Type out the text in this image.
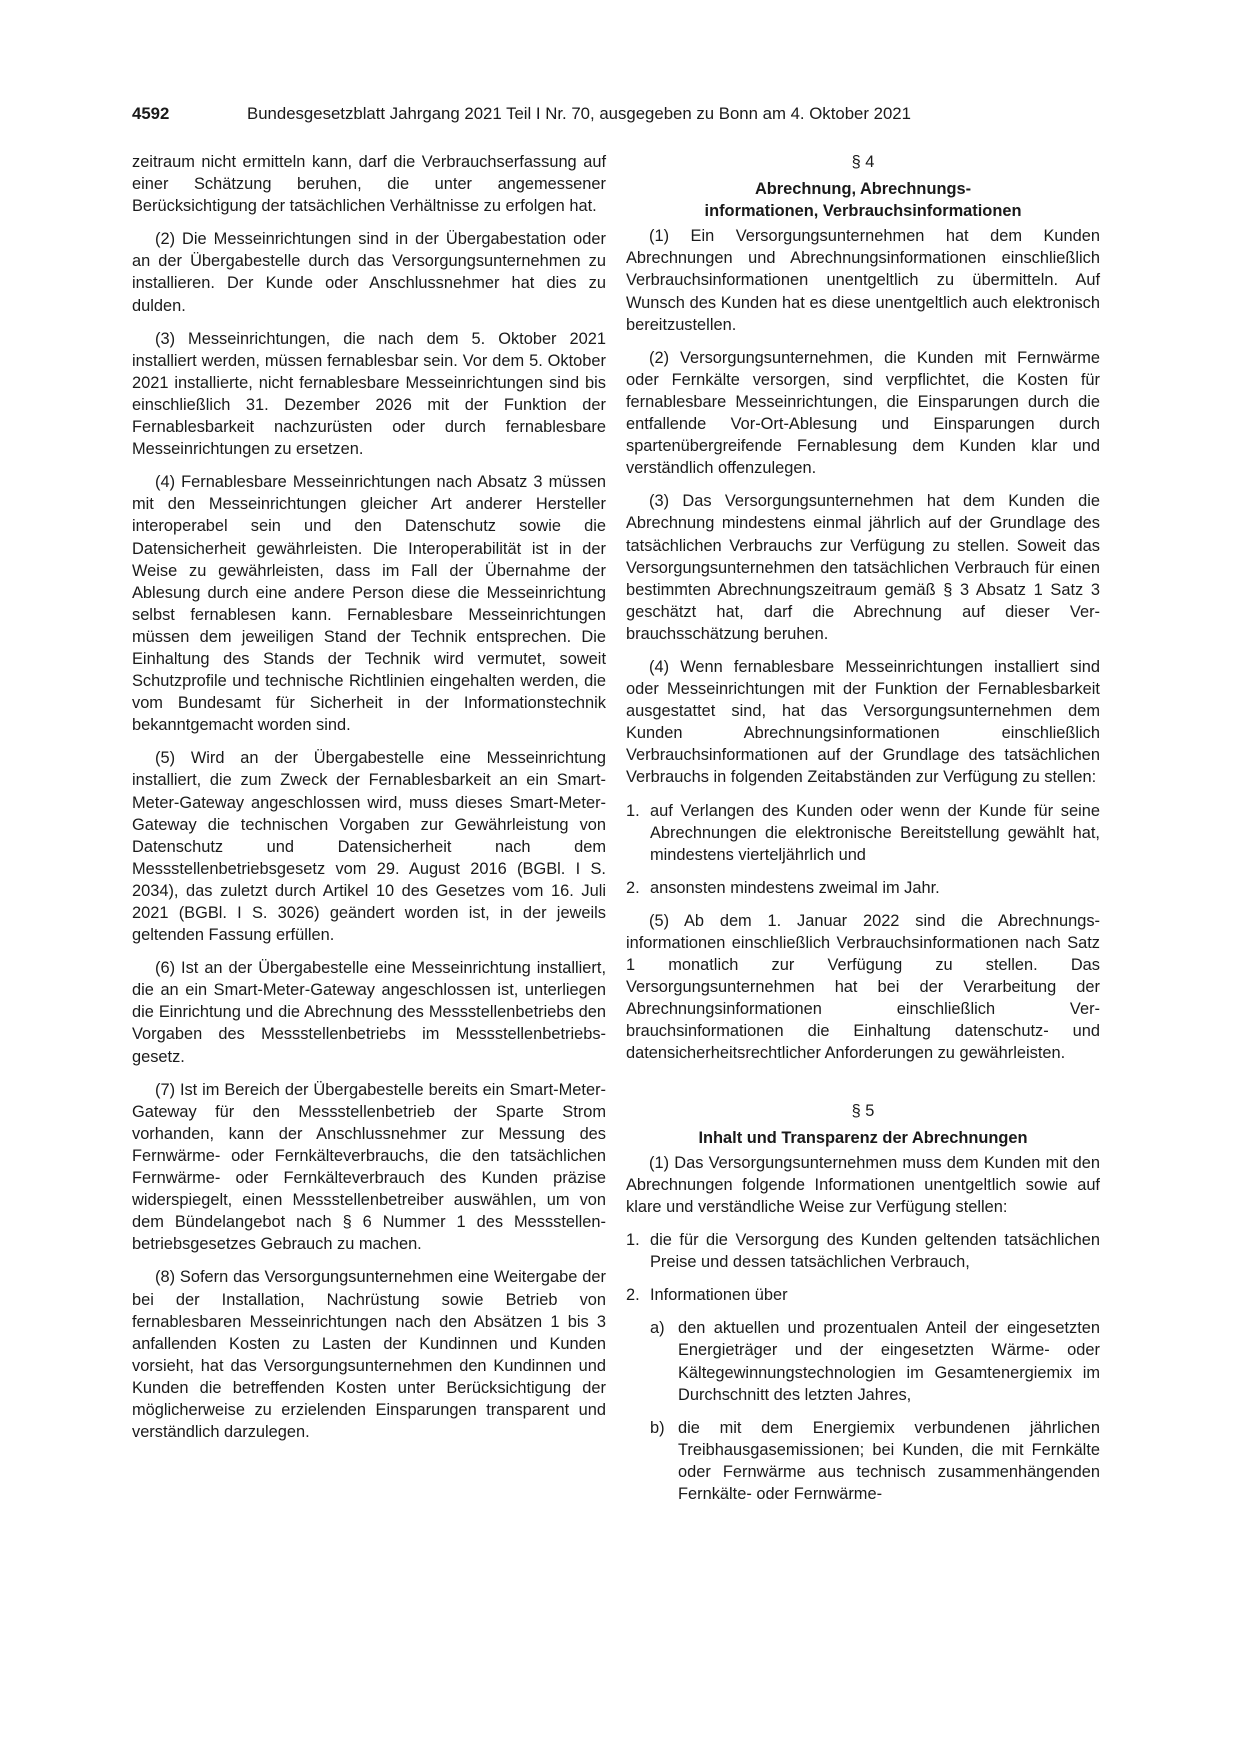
4592	Bundesgesetzblatt Jahrgang 2021 Teil I Nr. 70, ausgegeben zu Bonn am 4. Oktober 2021

zeitraum nicht ermitteln kann, darf die Verbrauchserfassung auf einer Schätzung beruhen, die unter angemessener Berücksichtigung der tatsächlichen Verhältnisse zu erfolgen hat.

(2) Die Messeinrichtungen sind in der Übergabestation oder an der Übergabestelle durch das Versorgungsunternehmen zu installieren. Der Kunde oder Anschlussnehmer hat dies zu dulden.

(3) Messeinrichtungen, die nach dem 5. Oktober 2021 installiert werden, müssen fernablesbar sein. Vor dem 5. Oktober 2021 installierte, nicht fernablesbare Messeinrichtungen sind bis einschließlich 31. Dezember 2026 mit der Funktion der Fernablesbarkeit nachzurüsten oder durch fernablesbare Messeinrichtungen zu ersetzen.

(4) Fernablesbare Messeinrichtungen nach Absatz 3 müssen mit den Messeinrichtungen gleicher Art anderer Hersteller interoperabel sein und den Datenschutz sowie die Datensicherheit gewährleisten. Die Interoperabilität ist in der Weise zu gewährleisten, dass im Fall der Übernahme der Ablesung durch eine andere Person diese die Messeinrichtung selbst fernablesen kann. Fernablesbare Messeinrichtungen müssen dem jeweiligen Stand der Technik entsprechen. Die Einhaltung des Stands der Technik wird vermutet, soweit Schutzprofile und technische Richtlinien eingehalten werden, die vom Bundesamt für Sicherheit in der Informationstechnik bekanntgemacht worden sind.

(5) Wird an der Übergabestelle eine Messeinrichtung installiert, die zum Zweck der Fernablesbarkeit an ein Smart-Meter-Gateway angeschlossen wird, muss dieses Smart-Meter-Gateway die technischen Vorgaben zur Gewährleistung von Datenschutz und Datensicherheit nach dem Messstellenbetriebsgesetz vom 29. August 2016 (BGBl. I S. 2034), das zuletzt durch Artikel 10 des Gesetzes vom 16. Juli 2021 (BGBl. I S. 3026) geändert worden ist, in der jeweils geltenden Fassung erfüllen.

(6) Ist an der Übergabestelle eine Messeinrichtung installiert, die an ein Smart-Meter-Gateway angeschlossen ist, unterliegen die Einrichtung und die Abrechnung des Messstellenbetriebs den Vorgaben des Messstellenbetriebs im Messstellenbetriebsgesetz.

(7) Ist im Bereich der Übergabestelle bereits ein Smart-Meter-Gateway für den Messstellenbetrieb der Sparte Strom vorhanden, kann der Anschlussnehmer zur Messung des Fernwärme- oder Fernkälteverbrauchs, die den tatsächlichen Fernwärme- oder Fernkälteverbrauch des Kunden präzise widerspiegelt, einen Messstellenbetreiber auswählen, um von dem Bündelangebot nach § 6 Nummer 1 des Messstellenbetriebsgesetzes Gebrauch zu machen.

(8) Sofern das Versorgungsunternehmen eine Weitergabe der bei der Installation, Nachrüstung sowie Betrieb von fernablesbaren Messeinrichtungen nach den Absätzen 1 bis 3 anfallenden Kosten zu Lasten der Kundinnen und Kunden vorsieht, hat das Versorgungsunternehmen den Kundinnen und Kunden die betreffenden Kosten unter Berücksichtigung der möglicherweise zu erzielenden Einsparungen transparent und verständlich darzulegen.

§ 4
Abrechnung, Abrechnungs-
informationen, Verbrauchsinformationen

(1) Ein Versorgungsunternehmen hat dem Kunden Abrechnungen und Abrechnungsinformationen einschließlich Verbrauchsinformationen unentgeltlich zu übermitteln. Auf Wunsch des Kunden hat es diese unentgeltlich auch elektronisch bereitzustellen.

(2) Versorgungsunternehmen, die Kunden mit Fernwärme oder Fernkälte versorgen, sind verpflichtet, die Kosten für fernablesbare Messeinrichtungen, die Einsparungen durch die entfallende Vor-Ort-Ablesung und Einsparungen durch spartenübergreifende Fernablesung dem Kunden klar und verständlich offenzulegen.

(3) Das Versorgungsunternehmen hat dem Kunden die Abrechnung mindestens einmal jährlich auf der Grundlage des tatsächlichen Verbrauchs zur Verfügung zu stellen. Soweit das Versorgungsunternehmen den tatsächlichen Verbrauch für einen bestimmten Abrechnungszeitraum gemäß § 3 Absatz 1 Satz 3 geschätzt hat, darf die Abrechnung auf dieser Verbrauchsschätzung beruhen.

(4) Wenn fernablesbare Messeinrichtungen installiert sind oder Messeinrichtungen mit der Funktion der Fernablesbarkeit ausgestattet sind, hat das Versorgungsunternehmen dem Kunden Abrechnungsinformationen einschließlich Verbrauchsinformationen auf der Grundlage des tatsächlichen Verbrauchs in folgenden Zeitabständen zur Verfügung zu stellen:

1. auf Verlangen des Kunden oder wenn der Kunde für seine Abrechnungen die elektronische Bereitstellung gewählt hat, mindestens vierteljährlich und
2. ansonsten mindestens zweimal im Jahr.

(5) Ab dem 1. Januar 2022 sind die Abrechnungsinformationen einschließlich Verbrauchsinformationen nach Satz 1 monatlich zur Verfügung zu stellen. Das Versorgungsunternehmen hat bei der Verarbeitung der Abrechnungsinformationen einschließlich Verbrauchsinformationen die Einhaltung datenschutz- und datensicherheitsrechtlicher Anforderungen zu gewährleisten.

§ 5
Inhalt und Transparenz der Abrechnungen

(1) Das Versorgungsunternehmen muss dem Kunden mit den Abrechnungen folgende Informationen unentgeltlich sowie auf klare und verständliche Weise zur Verfügung stellen:

1. die für die Versorgung des Kunden geltenden tatsächlichen Preise und dessen tatsächlichen Verbrauch,
2. Informationen über
a) den aktuellen und prozentualen Anteil der eingesetzten Energieträger und der eingesetzten Wärme- oder Kältegewinnungstechnologien im Gesamtenergiemix im Durchschnitt des letzten Jahres,
b) die mit dem Energiemix verbundenen jährlichen Treibhausgasemissionen; bei Kunden, die mit Fernkälte oder Fernwärme aus technisch zusammenhängenden Fernkälte- oder Fernwärme-
